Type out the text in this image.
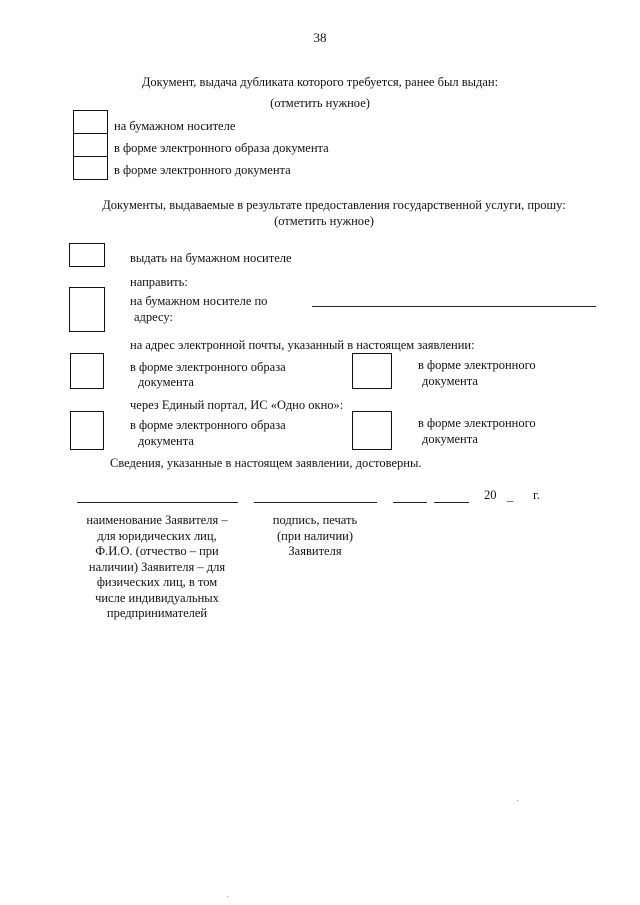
38
Документ, выдача дубликата которого требуется, ранее был выдан:
(отметить нужное)
на бумажном носителе
в форме электронного образа документа
в форме электронного документа
Документы, выдаваемые в результате предоставления государственной услуги, прошу:
(отметить нужное)
выдать на бумажном носителе
направить:
на бумажном носителе по
адресу:
на адрес электронной почты, указанный в настоящем заявлении:
в форме электронного образа
документа
в форме электронного
документа
через Единый портал, ИС «Одно окно»:
в форме электронного образа
документа
в форме электронного
документа
Сведения, указанные в настоящем заявлении, достоверны.
20 _ г.
наименование Заявителя –
для юридических лиц,
Ф.И.О. (отчество – при
наличии) Заявителя – для
физических лиц, в том
числе индивидуальных
предпринимателей
подпись, печать
(при наличии)
Заявителя
